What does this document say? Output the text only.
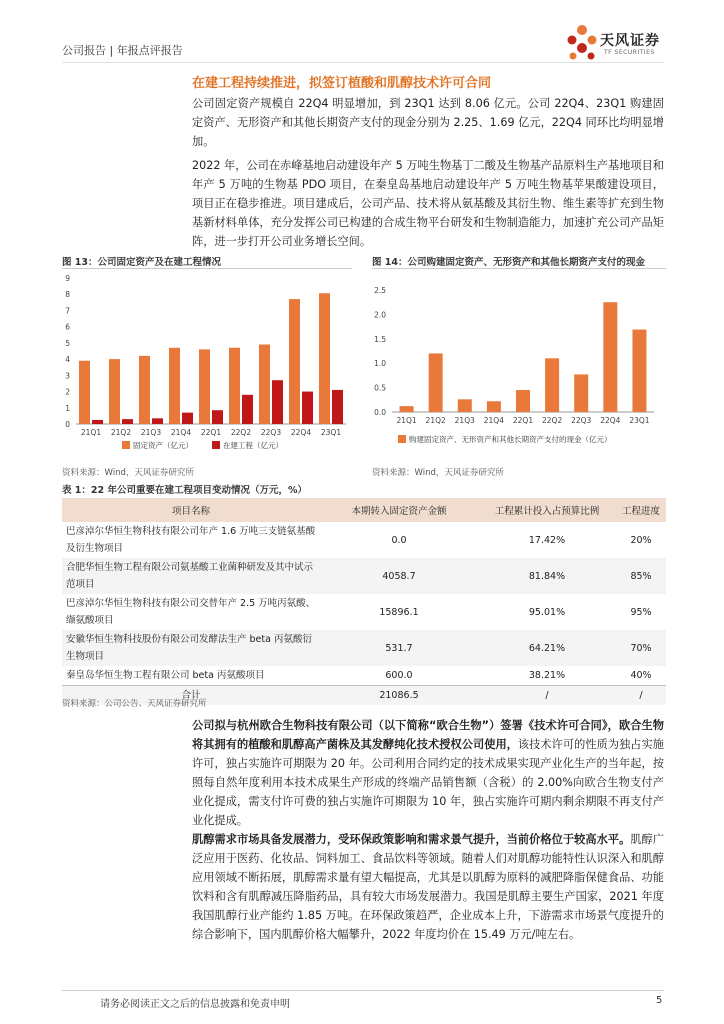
公司报告 | 年报点评报告
天风证券
TF SECURITIES
在建工程持续推进，拟签订植酸和肌醇技术许可合同
公司固定资产规模自 22Q4 明显增加，到 23Q1 达到 8.06 亿元。公司 22Q4、23Q1 购建固定资产、无形资产和其他长期资产支付的现金分别为 2.25、1.69 亿元，22Q4 同环比均明显增加。
2022 年，公司在赤峰基地启动建设年产 5 万吨生物基丁二酸及生物基产品原料生产基地项目和年产 5 万吨的生物基 PDO 项目，在秦皇岛基地启动建设年产 5 万吨生物基苹果酸建设项目，项目正在稳步推进。项目建成后，公司产品、技术将从氨基酸及其衍生物、维生素等扩充到生物基新材料单体，充分发挥公司已构建的合成生物平台研发和生物制造能力，加速扩充公司产品矩阵，进一步打开公司业务增长空间。
图 13：公司固定资产及在建工程情况
0
1
2
3
4
5
6
7
8
9
21Q1 21Q2 21Q3 21Q4 22Q1 22Q2 22Q3 22Q4 23Q1
固定资产（亿元）	在建工程（亿元）
资料来源：Wind，天风证券研究所
图 14：公司购建固定资产、无形资产和其他长期资产支付的现金
0.0
0.5
1.0
1.5
2.0
2.5
21Q1 21Q2 21Q3 21Q4 22Q1 22Q2 22Q3 22Q4 23Q1
购建固定资产、无形资产和其他长期资产支付的现金（亿元）
资料来源：Wind，天风证券研究所
表 1：22 年公司重要在建工程项目变动情况（万元，%）
项目名称	本期转入固定资产金额	工程累计投入占预算比例	工程进度
巴彦淖尔华恒生物科技有限公司年产 1.6 万吨三支链氨基酸及衍生物项目	0.0	17.42%	20%
合肥华恒生物工程有限公司氨基酸工业菌种研发及其中试示范项目	4058.7	81.84%	85%
巴彦淖尔华恒生物科技有限公司交替年产 2.5 万吨丙氨酸、缬氨酸项目	15896.1	95.01%	95%
安徽华恒生物科技股份有限公司发酵法生产 beta 丙氨酸衍生物项目	531.7	64.21%	70%
秦皇岛华恒生物工程有限公司 beta 丙氨酸项目	600.0	38.21%	40%
合计	21086.5	/	/
资料来源：公司公告、天风证券研究所
公司拟与杭州欧合生物科技有限公司（以下简称“欧合生物”）签署《技术许可合同》，欧合生物将其拥有的植酸和肌醇高产菌株及其发酵纯化技术授权公司使用，该技术许可的性质为独占实施许可，独占实施许可期限为 20 年。公司利用合同约定的技术成果实现产业化生产的当年起，按照每自然年度利用本技术成果生产形成的终端产品销售额（含税）的 2.00%向欧合生物支付产业化提成，需支付许可费的独占实施许可期限为 10 年，独占实施许可期内剩余期限不再支付产业化提成。
肌醇需求市场具备发展潜力，受环保政策影响和需求景气提升，当前价格位于较高水平。肌醇广泛应用于医药、化妆品、饲料加工、食品饮料等领域。随着人们对肌醇功能特性认识深入和肌醇应用领域不断拓展，肌醇需求量有望大幅提高，尤其是以肌醇为原料的减肥降脂保健食品、功能饮料和含有肌醇减压降脂药品，具有较大市场发展潜力。我国是肌醇主要生产国家，2021 年度我国肌醇行业产能约 1.85 万吨。在环保政策趋严，企业成本上升，下游需求市场景气度提升的综合影响下，国内肌醇价格大幅攀升，2022 年度均价在 15.49 万元/吨左右。
请务必阅读正文之后的信息披露和免责申明	5
